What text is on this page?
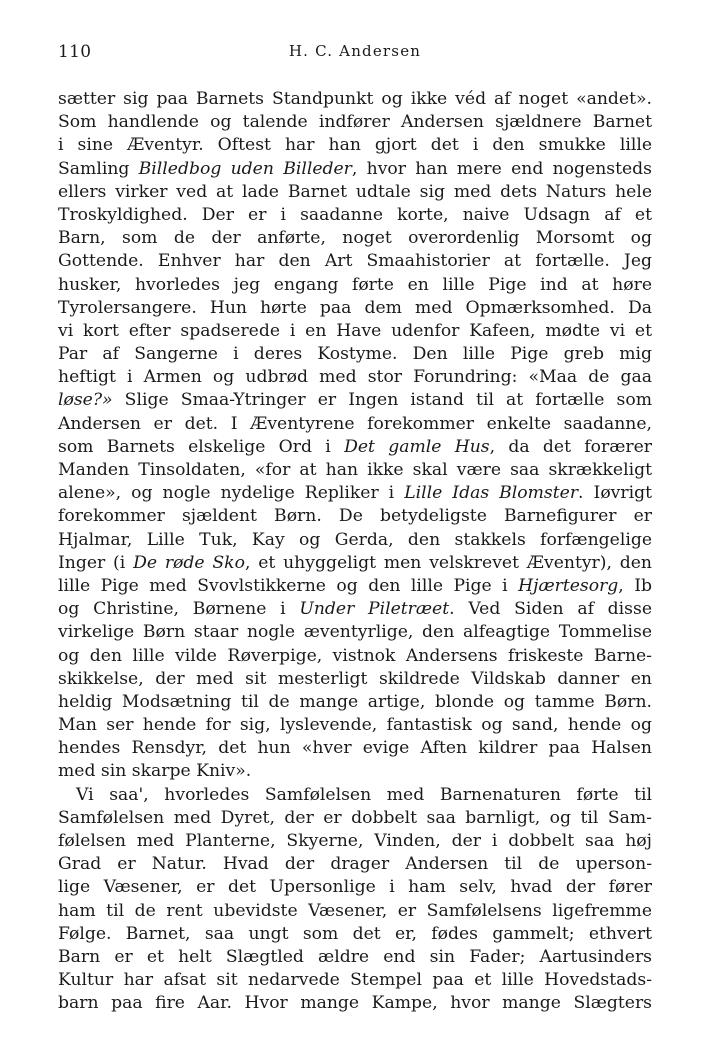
110	H. C. Andersen
sætter sig paa Barnets Standpunkt og ikke véd af noget «andet».
Som handlende og talende indfører Andersen sjældnere Barnet
i sine Æventyr. Oftest har han gjort det i den smukke lille
Samling Billedbog uden Billeder, hvor han mere end nogensteds
ellers virker ved at lade Barnet udtale sig med dets Naturs hele
Troskyldighed. Der er i saadanne korte, naive Udsagn af et
Barn, som de der anførte, noget overordenlig Morsomt og
Gottende. Enhver har den Art Smaahistorier at fortælle. Jeg
husker, hvorledes jeg engang førte en lille Pige ind at høre
Tyrolersangere. Hun hørte paa dem med Opmærksomhed. Da
vi kort efter spadserede i en Have udenfor Kafeen, mødte vi et
Par af Sangerne i deres Kostyme. Den lille Pige greb mig
heftigt i Armen og udbrød med stor Forundring: «Maa de gaa
løse?» Slige Smaa-Ytringer er Ingen istand til at fortælle som
Andersen er det. I Æventyrene forekommer enkelte saadanne,
som Barnets elskelige Ord i Det gamle Hus, da det forærer
Manden Tinsoldaten, «for at han ikke skal være saa skrækkeligt
alene», og nogle nydelige Repliker i Lille Idas Blomster. Iøvrigt
forekommer sjældent Børn. De betydeligste Barnefigurer er
Hjalmar, Lille Tuk, Kay og Gerda, den stakkels forfængelige
Inger (i De røde Sko, et uhyggeligt men velskrevet Æventyr), den
lille Pige med Svovlstikkerne og den lille Pige i Hjærtesorg, Ib
og Christine, Børnene i Under Piletræet. Ved Siden af disse
virkelige Børn staar nogle æventyrlige, den alfeagtige Tommelise
og den lille vilde Røverpige, vistnok Andersens friskeste Barne-
skikkelse, der med sit mesterligt skildrede Vildskab danner en
heldig Modsætning til de mange artige, blonde og tamme Børn.
Man ser hende for sig, lyslevende, fantastisk og sand, hende og
hendes Rensdyr, det hun «hver evige Aften kildrer paa Halsen
med sin skarpe Kniv».
Vi saa', hvorledes Samfølelsen med Barnenaturen førte til
Samfølelsen med Dyret, der er dobbelt saa barnligt, og til Sam-
følelsen med Planterne, Skyerne, Vinden, der i dobbelt saa høj
Grad er Natur. Hvad der drager Andersen til de uperson-
lige Væsener, er det Upersonlige i ham selv, hvad der fører
ham til de rent ubevidste Væsener, er Samfølelsens ligefremme
Følge. Barnet, saa ungt som det er, fødes gammelt; ethvert
Barn er et helt Slægtled ældre end sin Fader; Aartusinders
Kultur har afsat sit nedarvede Stempel paa et lille Hovedstads-
barn paa fire Aar. Hvor mange Kampe, hvor mange Slægters
